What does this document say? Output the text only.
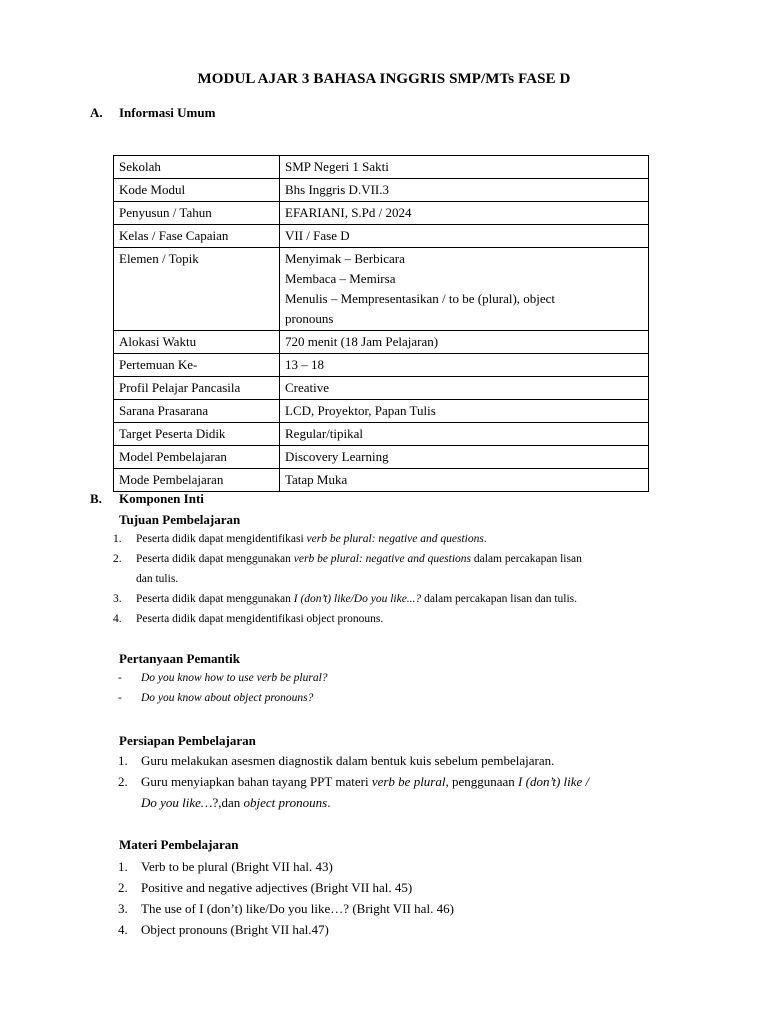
MODUL AJAR 3 BAHASA INGGRIS SMP/MTs FASE D
A. Informasi Umum
Sekolah	SMP Negeri 1 Sakti

Kode Modul	Bhs Inggris D.VII.3

Penyusun / Tahun	EFARIANI, S.Pd / 2024

Kelas / Fase Capaian	VII / Fase D

Elemen / Topik	Menyimak – Berbicara
Membaca – Memirsa
Menulis – Mempresentasikan / to be (plural), object
pronouns

Alokasi Waktu	720 menit (18 Jam Pelajaran)

Pertemuan Ke-	13 – 18

Profil Pelajar Pancasila	Creative

Sarana Prasarana	LCD, Proyektor, Papan Tulis

Target Peserta Didik	Regular/tipikal

Model Pembelajaran	Discovery Learning

Mode Pembelajaran	Tatap Muka
B. Komponen Inti
Tujuan Pembelajaran
1. Peserta didik dapat mengidentifikasi verb be plural: negative and questions.
2. Peserta didik dapat menggunakan verb be plural: negative and questions dalam percakapan lisan
dan tulis.
3. Peserta didik dapat menggunakan I (don’t) like/Do you like...? dalam percakapan lisan dan tulis.
4. Peserta didik dapat mengidentifikasi object pronouns.
Pertanyaan Pemantik
- Do you know how to use verb be plural?
- Do you know about object pronouns?
Persiapan Pembelajaran
1. Guru melakukan asesmen diagnostik dalam bentuk kuis sebelum pembelajaran.
2. Guru menyiapkan bahan tayang PPT materi verb be plural, penggunaan I (don’t) like /
Do you like…?,dan object pronouns.
Materi Pembelajaran
1. Verb to be plural (Bright VII hal. 43)
2. Positive and negative adjectives (Bright VII hal. 45)
3. The use of I (don’t) like/Do you like…? (Bright VII hal. 46)
4. Object pronouns (Bright VII hal.47)
